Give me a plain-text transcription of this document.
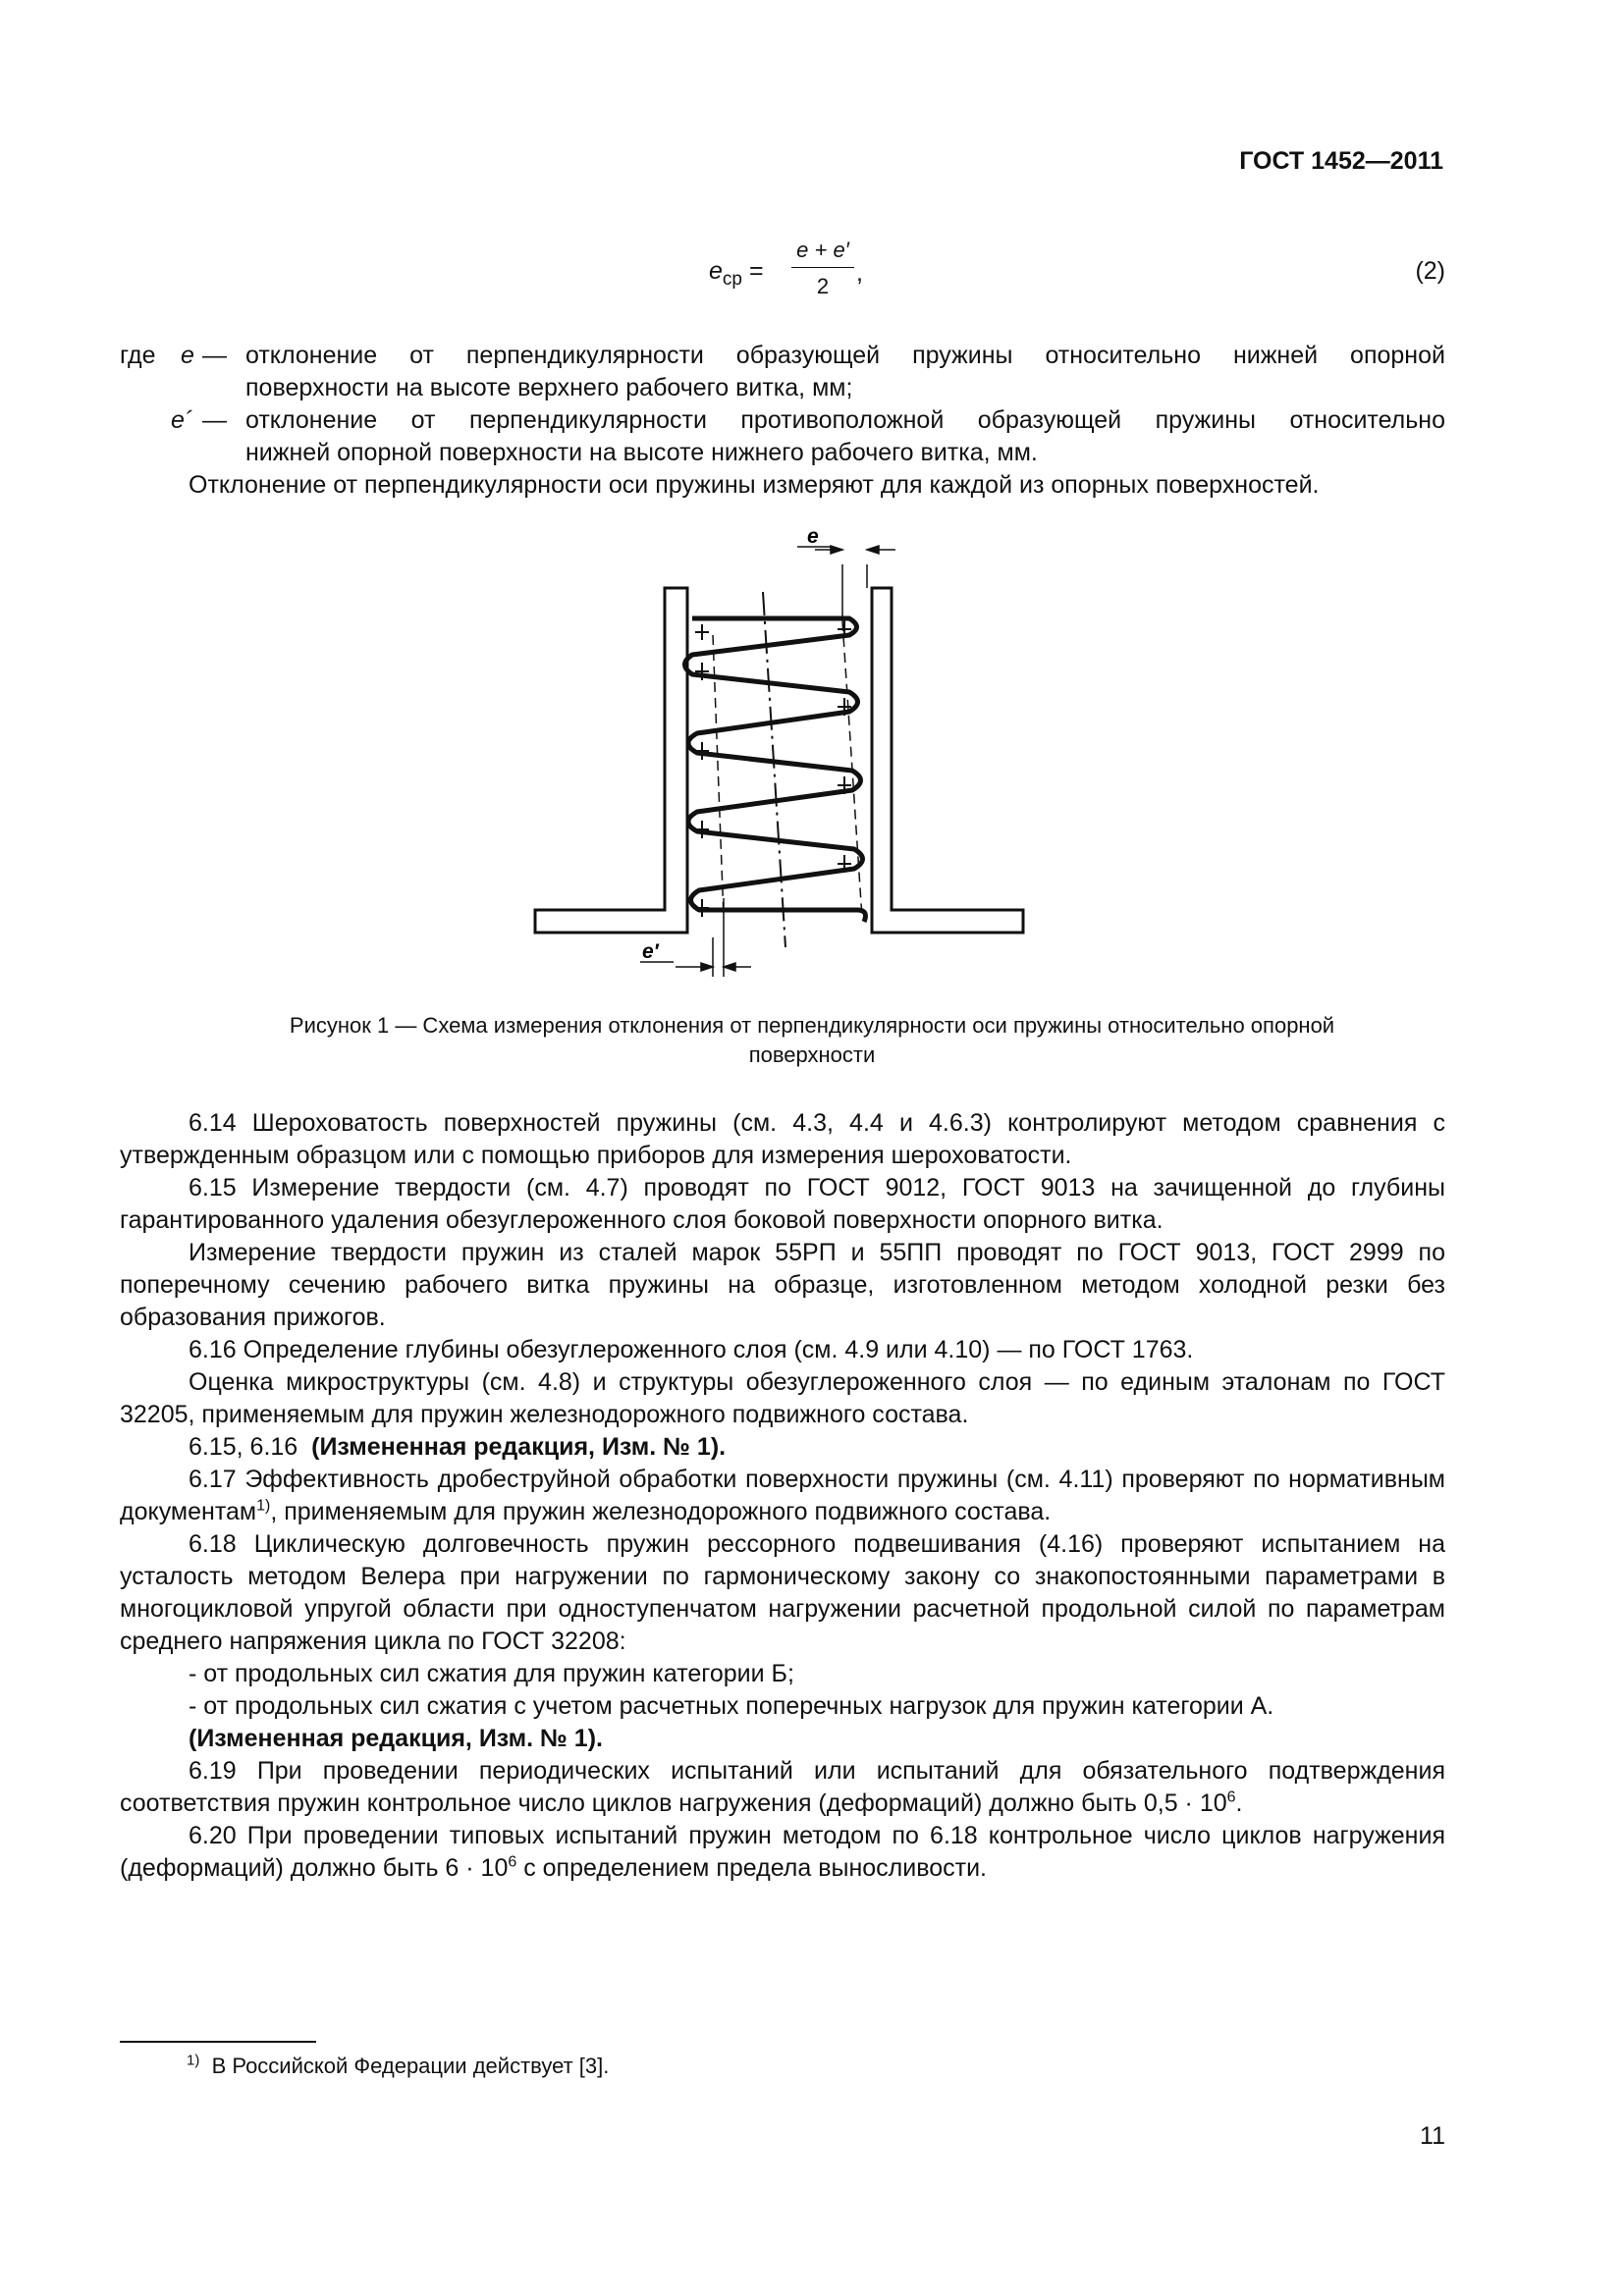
ГОСТ 1452—2011
$e_{ср} = \frac{e + e'}{2}$ ,	(2)
где e — отклонение от перпендикулярности образующей пружины относительно нижней опорной
поверхности на высоте верхнего рабочего витка, мм;
e´ — отклонение от перпендикулярности противоположной образующей пружины относительно
нижней опорной поверхности на высоте нижнего рабочего витка, мм.
Отклонение от перпендикулярности оси пружины измеряют для каждой из опорных поверхностей.
e
e′
Рисунок 1 — Схема измерения отклонения от перпендикулярности оси пружины относительно опорной
поверхности

6.14 Шероховатость поверхностей пружины (см. 4.3, 4.4 и 4.6.3) контролируют методом сравнения с утвержденным образцом или с помощью приборов для измерения шероховатости.

6.15 Измерение твердости (см. 4.7) проводят по ГОСТ 9012, ГОСТ 9013 на зачищенной до глубины гарантированного удаления обезуглероженного слоя боковой поверхности опорного витка.

Измерение твердости пружин из сталей марок 55РП и 55ПП проводят по ГОСТ 9013, ГОСТ 2999 по поперечному сечению рабочего витка пружины на образце, изготовленном методом холодной резки без образования прижогов.

6.16 Определение глубины обезуглероженного слоя (см. 4.9 или 4.10) — по ГОСТ 1763.

Оценка микроструктуры (см. 4.8) и структуры обезуглероженного слоя — по единым эталонам по ГОСТ 32205, применяемым для пружин железнодорожного подвижного состава.

6.15, 6.16 (Измененная редакция, Изм. № 1).

6.17 Эффективность дробеструйной обработки поверхности пружины (см. 4.11) проверяют по нормативным документам$^{1)}$, применяемым для пружин железнодорожного подвижного состава.

6.18 Циклическую долговечность пружин рессорного подвешивания (4.16) проверяют испытанием на усталость методом Велера при нагружении по гармоническому закону со знакопостоянными параметрами в многоцикловой упругой области при одноступенчатом нагружении расчетной продольной силой по параметрам среднего напряжения цикла по ГОСТ 32208:

- от продольных сил сжатия для пружин категории Б;

- от продольных сил сжатия с учетом расчетных поперечных нагрузок для пружин категории А.

(Измененная редакция, Изм. № 1).

6.19 При проведении периодических испытаний или испытаний для обязательного подтверждения соответствия пружин контрольное число циклов нагружения (деформаций) должно быть $0,5 \cdot 10^6$.

6.20 При проведении типовых испытаний пружин методом по 6.18 контрольное число циклов нагружения (деформаций) должно быть $6 \cdot 10^6$ с определением предела выносливости.

$^{1)}$ В Российской Федерации действует [3].
11
